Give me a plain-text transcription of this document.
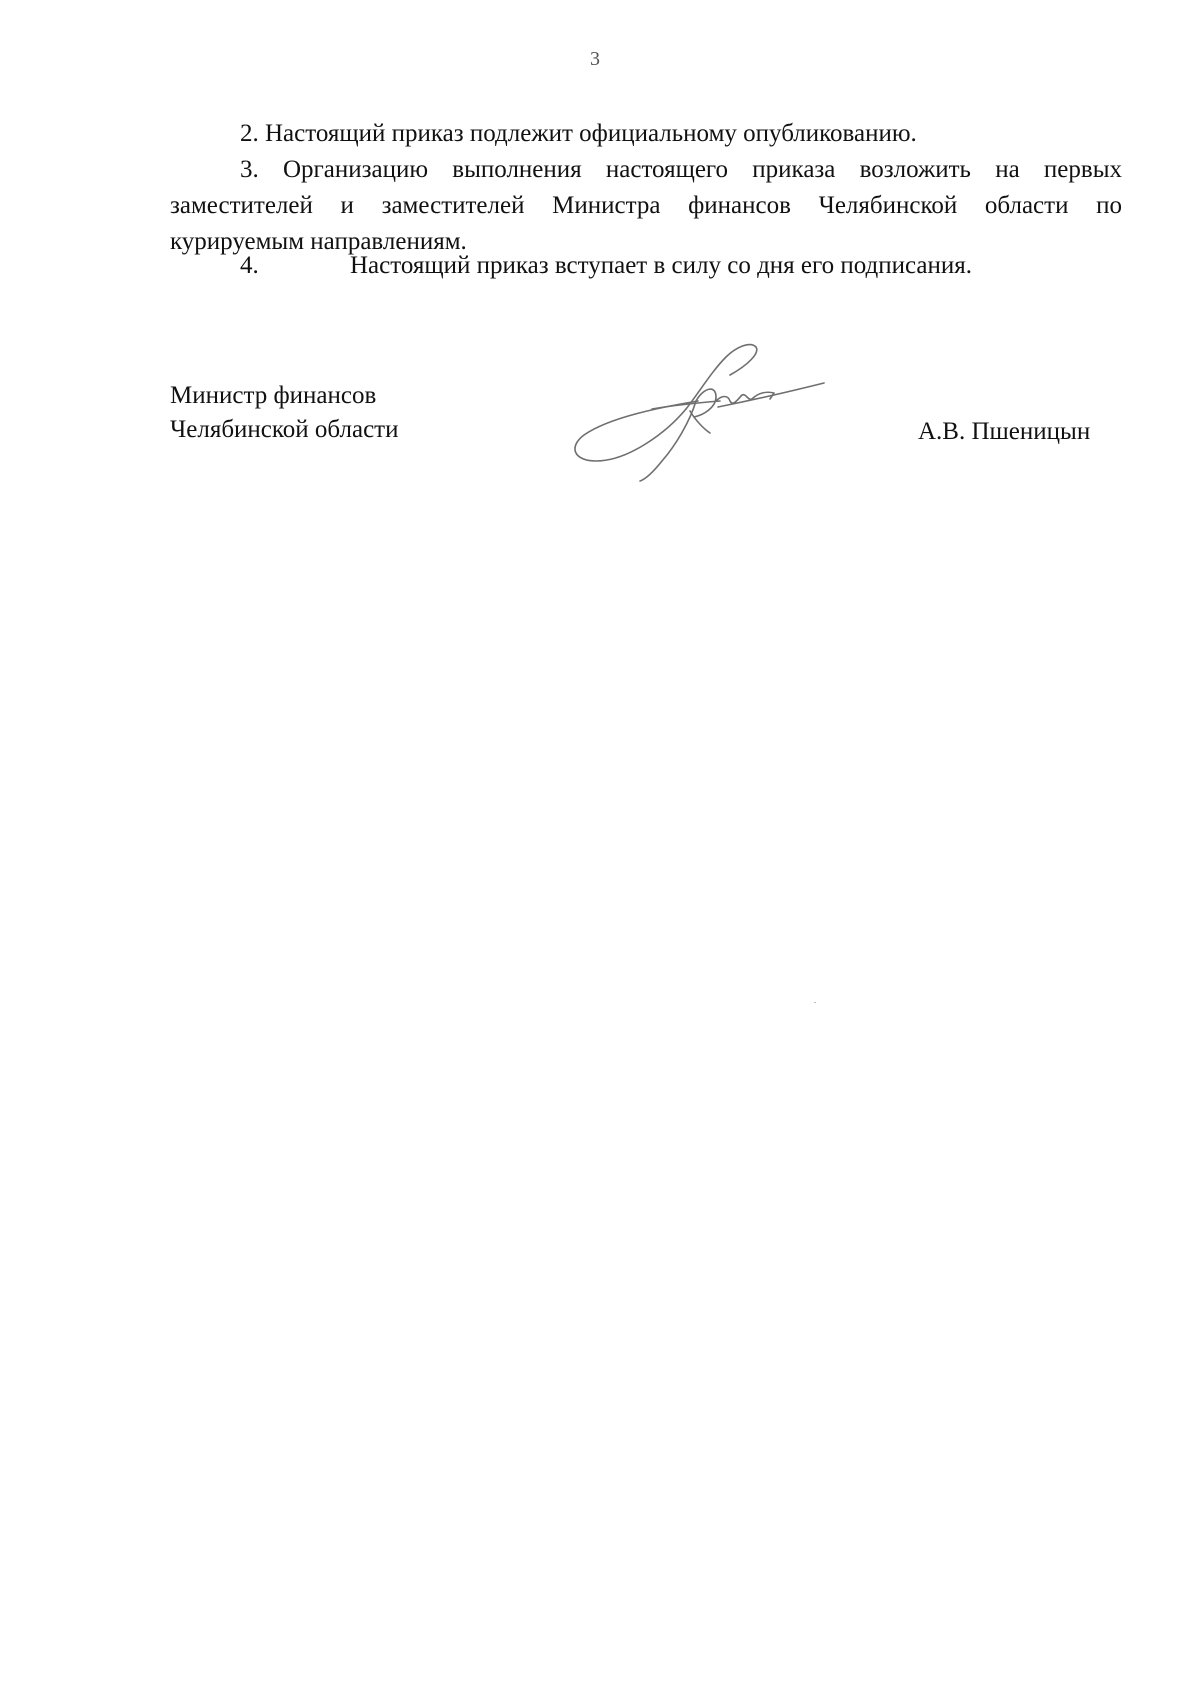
3
2. Настоящий приказ подлежит официальному опубликованию.
3. Организацию выполнения настоящего приказа возложить на первых
заместителей и заместителей Министра финансов Челябинской области по
курируемым направлениям.
4.	Настоящий приказ вступает в силу со дня его подписания.
Министр финансов
Челябинской области	А.В. Пшеницын
